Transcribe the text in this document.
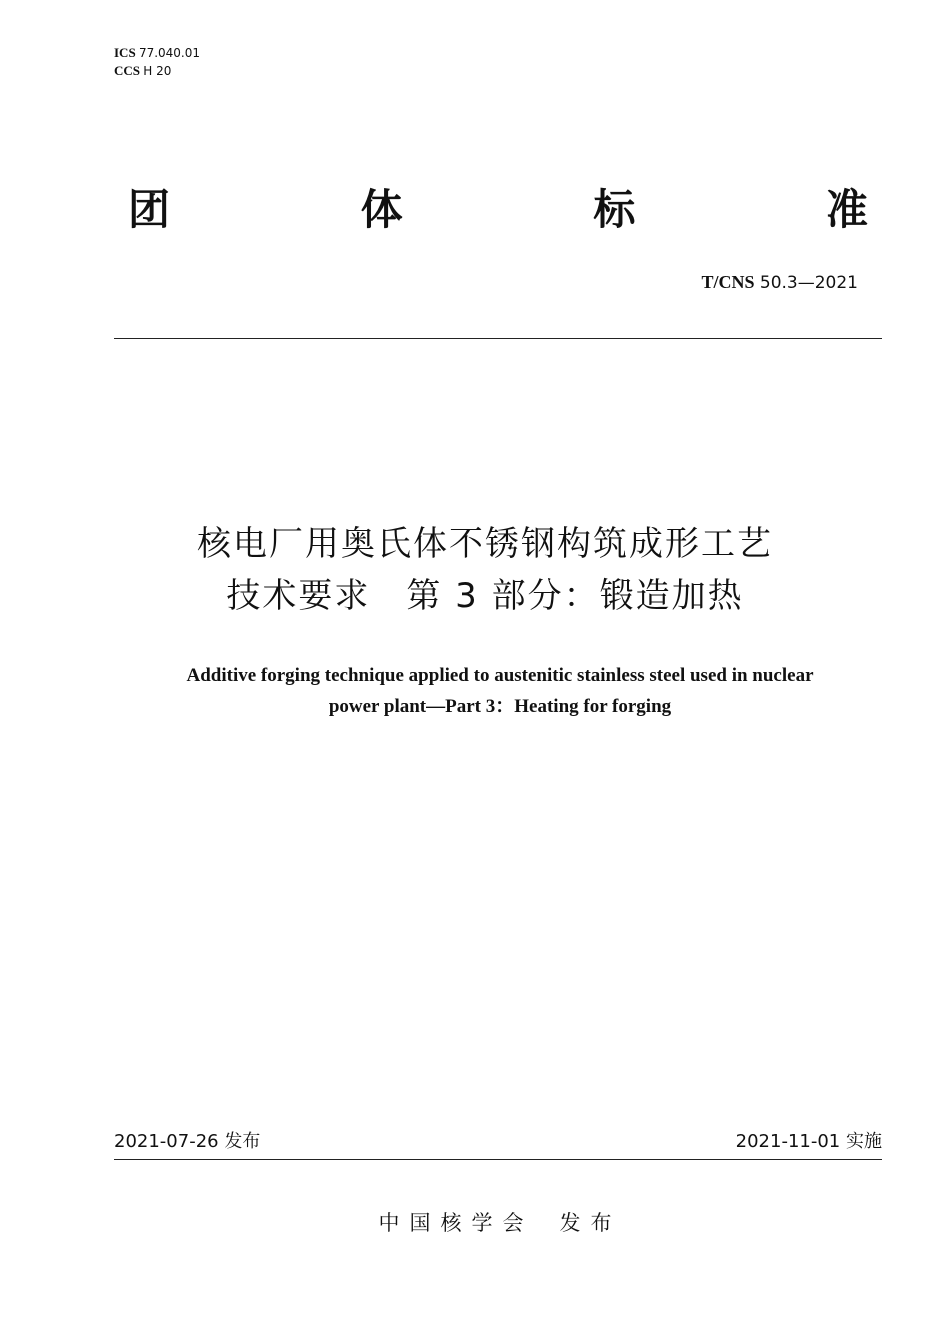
ICS 77.040.01
CCS H 20
团	体	标	准
T/CNS 50.3—2021
核电厂用奥氏体不锈钢构筑成形工艺
技术要求　第 3 部分：锻造加热
Additive forging technique applied to austenitic stainless steel used in nuclear
power plant—Part 3：Heating for forging
2021-07-26 发布	2021-11-01 实施
中国核学会 发布
